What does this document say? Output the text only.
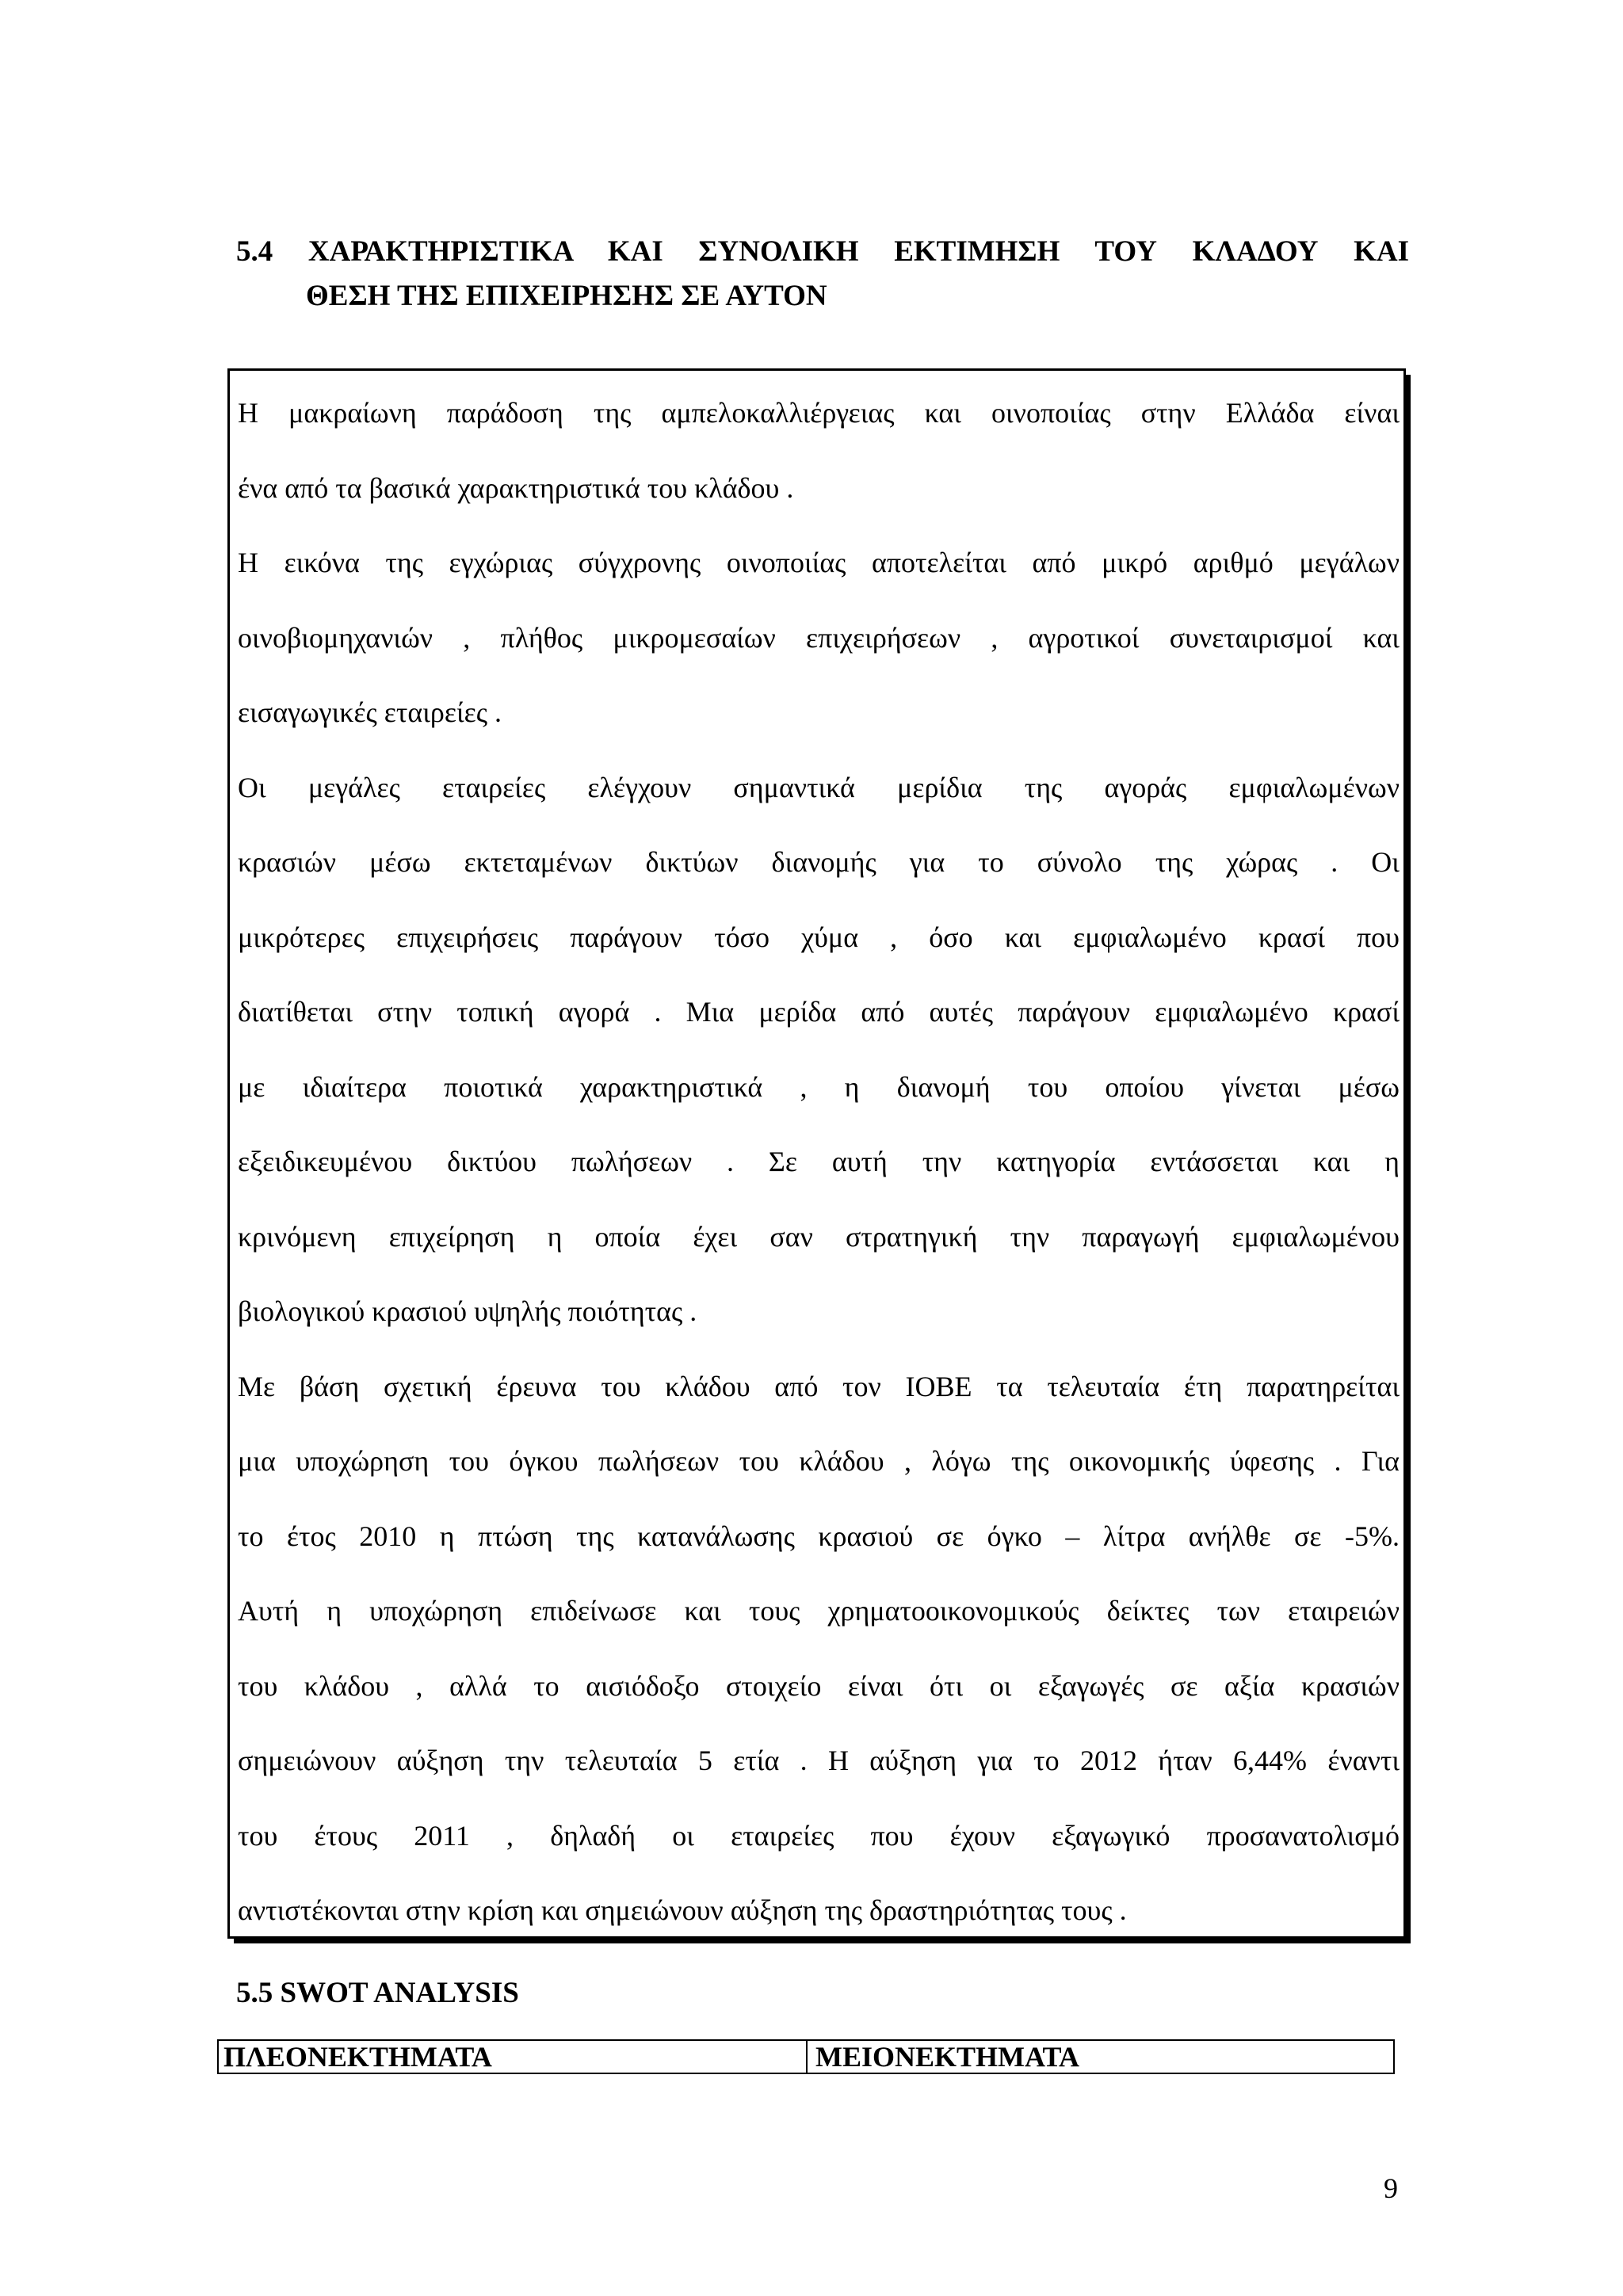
5.4 ΧΑΡΑΚΤΗΡΙΣΤΙΚΑ ΚΑΙ ΣΥΝΟΛΙΚΗ ΕΚΤΙΜΗΣΗ ΤΟΥ ΚΛΑΔΟΥ ΚΑΙ
ΘΕΣΗ ΤΗΣ ΕΠΙΧΕΙΡΗΣΗΣ ΣΕ ΑΥΤΟΝ
Η μακραίωνη παράδοση της αμπελοκαλλιέργειας και οινοποιίας στην Ελλάδα είναι
ένα από τα βασικά χαρακτηριστικά του κλάδου .
Η εικόνα της εγχώριας σύγχρονης οινοποιίας αποτελείται από μικρό αριθμό μεγάλων
οινοβιομηχανιών , πλήθος μικρομεσαίων επιχειρήσεων , αγροτικοί συνεταιρισμοί και
εισαγωγικές εταιρείες .
Οι μεγάλες εταιρείες ελέγχουν σημαντικά μερίδια της αγοράς εμφιαλωμένων
κρασιών μέσω εκτεταμένων δικτύων διανομής για το σύνολο της χώρας . Οι
μικρότερες επιχειρήσεις παράγουν τόσο χύμα , όσο και εμφιαλωμένο κρασί που
διατίθεται στην τοπική αγορά . Μια μερίδα από αυτές παράγουν εμφιαλωμένο κρασί
με ιδιαίτερα ποιοτικά χαρακτηριστικά , η διανομή του οποίου γίνεται μέσω
εξειδικευμένου δικτύου πωλήσεων . Σε αυτή την κατηγορία εντάσσεται και η
κρινόμενη επιχείρηση η οποία έχει σαν στρατηγική την παραγωγή εμφιαλωμένου
βιολογικού κρασιού υψηλής ποιότητας .
Με βάση σχετική έρευνα του κλάδου από τον ΙΟΒΕ τα τελευταία έτη παρατηρείται
μια υποχώρηση του όγκου πωλήσεων του κλάδου , λόγω της οικονομικής ύφεσης . Για
το έτος 2010 η πτώση της κατανάλωσης κρασιού σε όγκο – λίτρα ανήλθε σε -5%.
Αυτή η υποχώρηση επιδείνωσε και τους χρηματοοικονομικούς δείκτες των εταιρειών
του κλάδου , αλλά το αισιόδοξο στοιχείο είναι ότι οι εξαγωγές σε αξία κρασιών
σημειώνουν αύξηση την τελευταία 5 ετία . Η αύξηση για το 2012 ήταν 6,44% έναντι
του έτους 2011 , δηλαδή οι εταιρείες που έχουν εξαγωγικό προσανατολισμό
αντιστέκονται στην κρίση και σημειώνουν αύξηση της δραστηριότητας τους .
5.5 SWOT ANALYSIS
ΠΛΕΟΝΕΚΤΗΜΑΤΑ	ΜΕΙΟΝΕΚΤΗΜΑΤΑ
9
